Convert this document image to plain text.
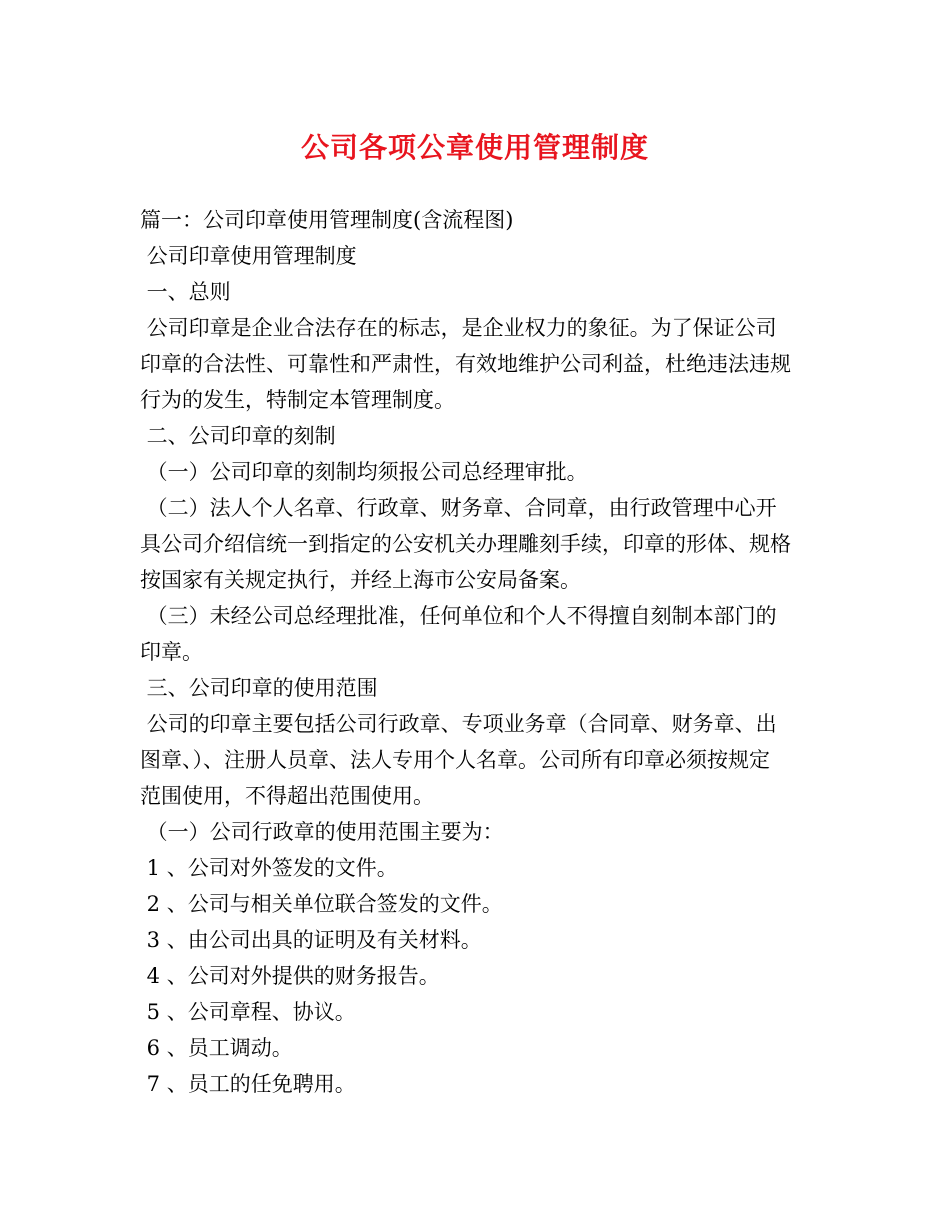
公司各项公章使用管理制度
篇一：公司印章使用管理制度(含流程图)
公司印章使用管理制度
一、总则
公司印章是企业合法存在的标志，是企业权力的象征。为了保证公司
印章的合法性、可靠性和严肃性，有效地维护公司利益，杜绝违法违规
行为的发生，特制定本管理制度。
二、公司印章的刻制
（一）公司印章的刻制均须报公司总经理审批。
（二）法人个人名章、行政章、财务章、合同章，由行政管理中心开
具公司介绍信统一到指定的公安机关办理雕刻手续，印章的形体、规格
按国家有关规定执行，并经上海市公安局备案。
（三）未经公司总经理批准，任何单位和个人不得擅自刻制本部门的
印章。
三、公司印章的使用范围
公司的印章主要包括公司行政章、专项业务章（合同章、财务章、出
图章、）、注册人员章、法人专用个人名章。公司所有印章必须按规定
范围使用，不得超出范围使用。
（一）公司行政章的使用范围主要为：
1 、公司对外签发的文件。
2 、公司与相关单位联合签发的文件。
3 、由公司出具的证明及有关材料。
4 、公司对外提供的财务报告。
5 、公司章程、协议。
6 、员工调动。
7 、员工的任免聘用。
